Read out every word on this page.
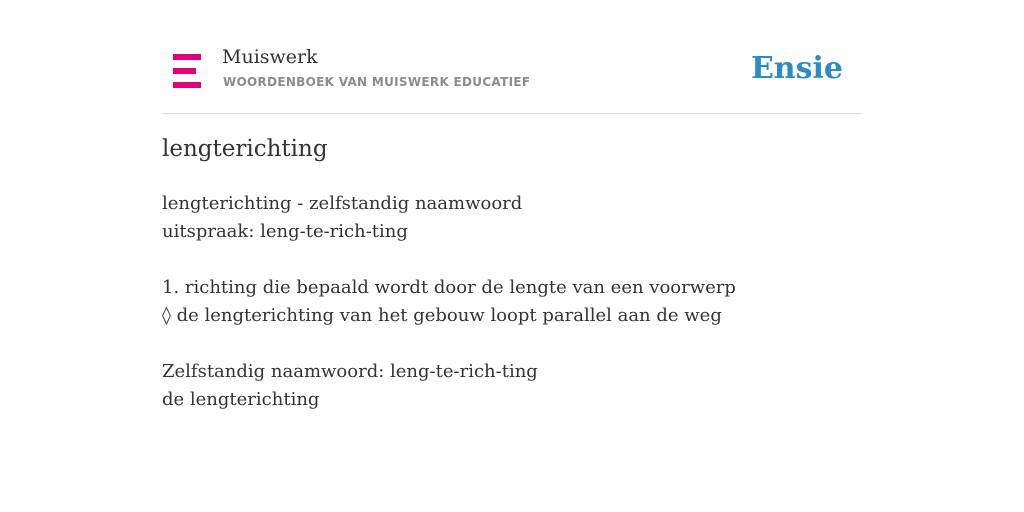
Muiswerk
WOORDENBOEK VAN MUISWERK EDUCATIEF	Ensie
lengterichting
lengterichting - zelfstandig naamwoord
uitspraak: leng-te-rich-ting
1. richting die bepaald wordt door de lengte van een voorwerp
◊ de lengterichting van het gebouw loopt parallel aan de weg
Zelfstandig naamwoord: leng-te-rich-ting
de lengterichting
